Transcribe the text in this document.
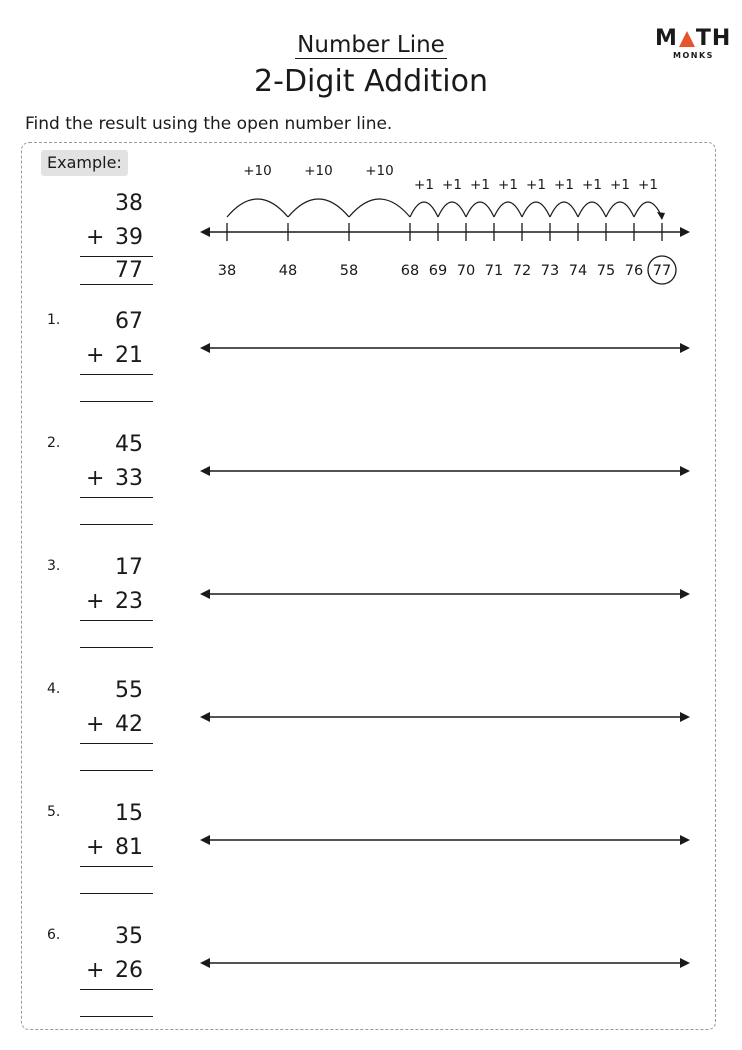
Number Line
2-Digit Addition
M TH
MONKS
Find the result using the open number line.
Example:
38
+ 39
77	38	48	58	68 69 70 71 72 73 74 75 76 77
+10 +10 +10
+1 +1 +1 +1 +1 +1 +1 +1 +1
1.	67
+ 21
2.	45
+ 33
3.	17
+ 23
4.	55
+ 42
5.	15
+ 81
6.	35
+ 26
